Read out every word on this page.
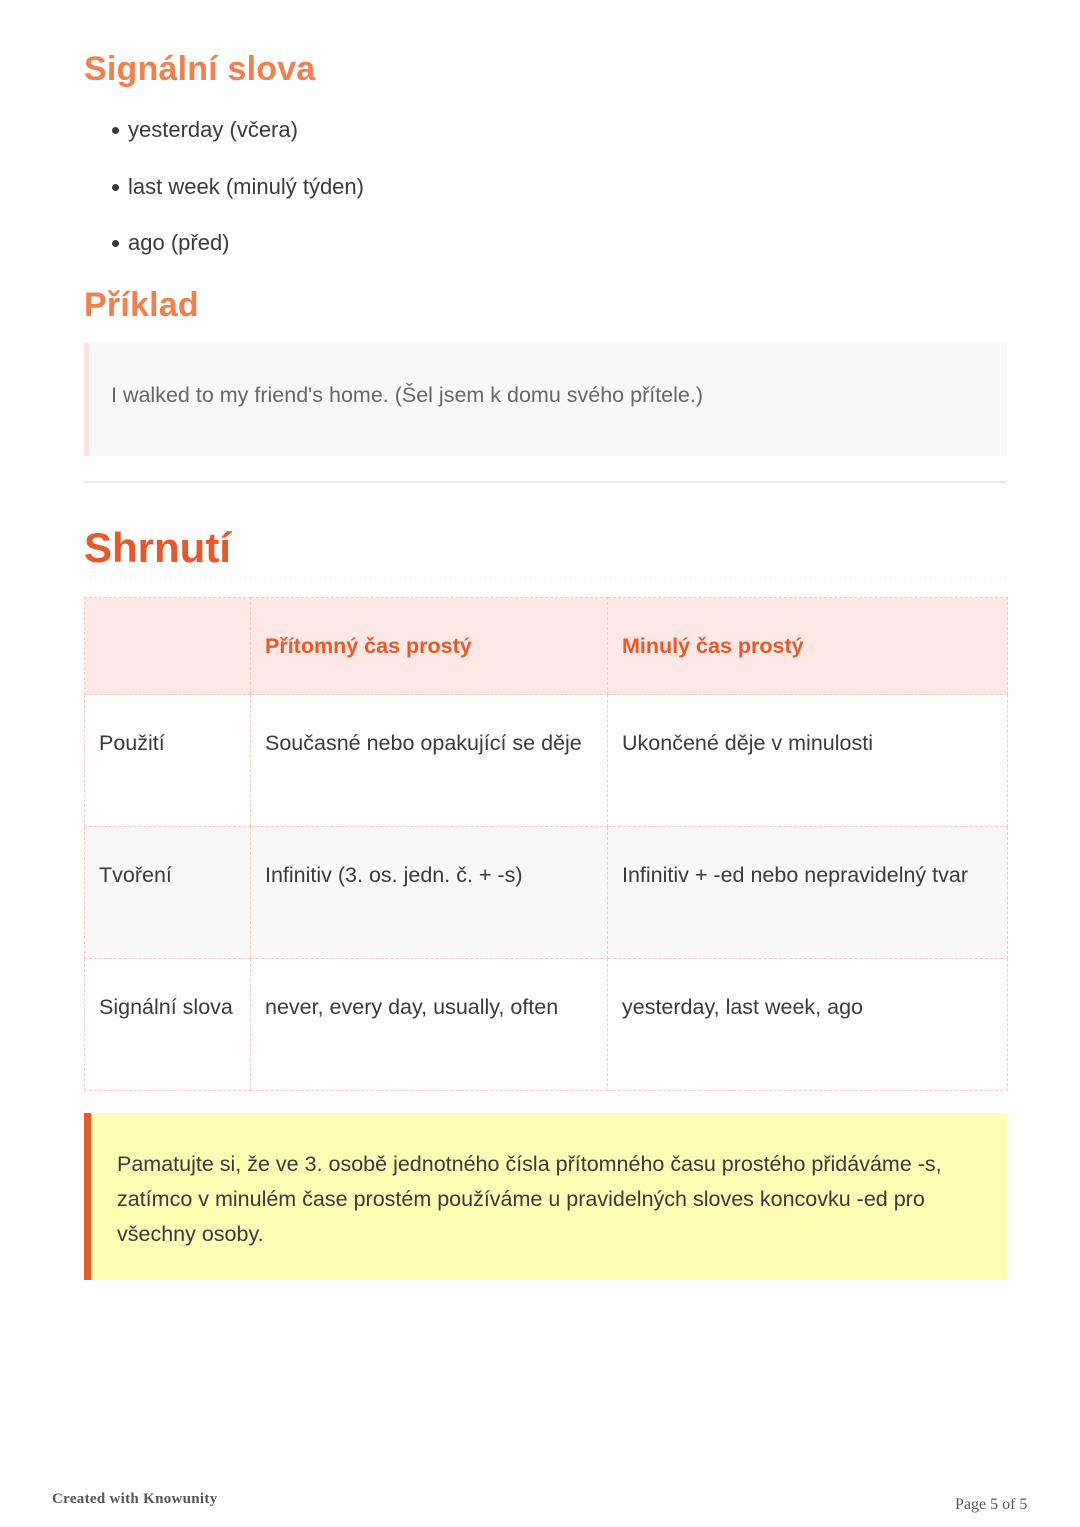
Signální slova
yesterday (včera)
last week (minulý týden)
ago (před)
Příklad
I walked to my friend's home. (Šel jsem k domu svého přítele.)
Shrnutí
	Přítomný čas prostý	Minulý čas prostý
Použití	Současné nebo opakující se děje	Ukončené děje v minulosti
Tvoření	Infinitiv (3. os. jedn. č. + -s)	Infinitiv + -ed nebo nepravidelný tvar
Signální slova	never, every day, usually, often	yesterday, last week, ago
Pamatujte si, že ve 3. osobě jednotného čísla přítomného času prostého přidáváme -s, zatímco v minulém čase prostém používáme u pravidelných sloves koncovku -ed pro všechny osoby.
Created with Knowunity	Page 5 of 5
